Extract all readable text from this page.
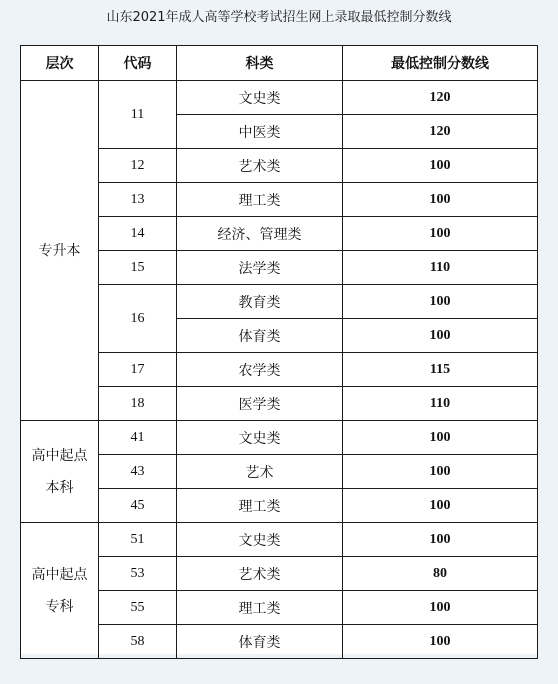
山东2021年成人高等学校考试招生网上录取最低控制分数线
层次	代码	科类	最低控制分数线

专升本	11	文史类	120
		中医类	120
	12	艺术类	100
	13	理工类	100
	14	经济、管理类	100
	15	法学类	110
	16	教育类	100
		体育类	100
	17	农学类	115
	18	医学类	110

高中起点
本科	41	文史类	100
	43	艺术	100
	45	理工类	100

高中起点
专科	51	文史类	100
	53	艺术类	80
	55	理工类	100
	58	体育类	100
